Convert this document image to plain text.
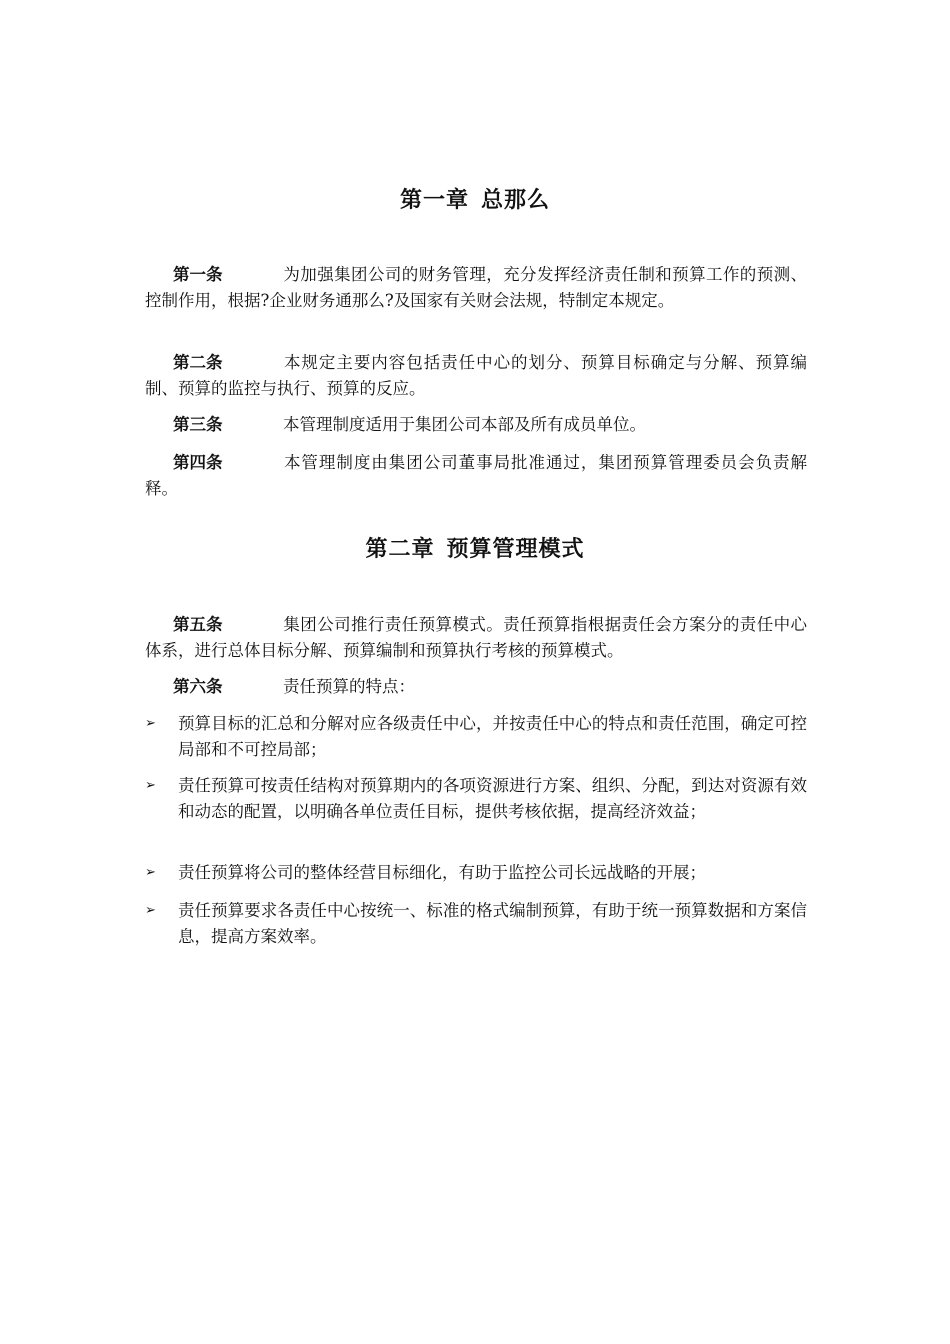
第一章 总那么

第一条	为加强集团公司的财务管理，充分发挥经济责任制和预算工作的预测、控制作用，根据?企业财务通那么?及国家有关财会法规，特制定本规定。

第二条	本规定主要内容包括责任中心的划分、预算目标确定与分解、预算编制、预算的监控与执行、预算的反应。

第三条	本管理制度适用于集团公司本部及所有成员单位。

第四条	本管理制度由集团公司董事局批准通过，集团预算管理委员会负责解释。

第二章 预算管理模式

第五条	集团公司推行责任预算模式。责任预算指根据责任会方案分的责任中心体系，进行总体目标分解、预算编制和预算执行考核的预算模式。

第六条	责任预算的特点：

➢	预算目标的汇总和分解对应各级责任中心，并按责任中心的特点和责任范围，确定可控局部和不可控局部；
➢	责任预算可按责任结构对预算期内的各项资源进行方案、组织、分配，到达对资源有效和动态的配置，以明确各单位责任目标，提供考核依据，提高经济效益；
➢	责任预算将公司的整体经营目标细化，有助于监控公司长远战略的开展；
➢	责任预算要求各责任中心按统一、标准的格式编制预算，有助于统一预算数据和方案信息，提高方案效率。
